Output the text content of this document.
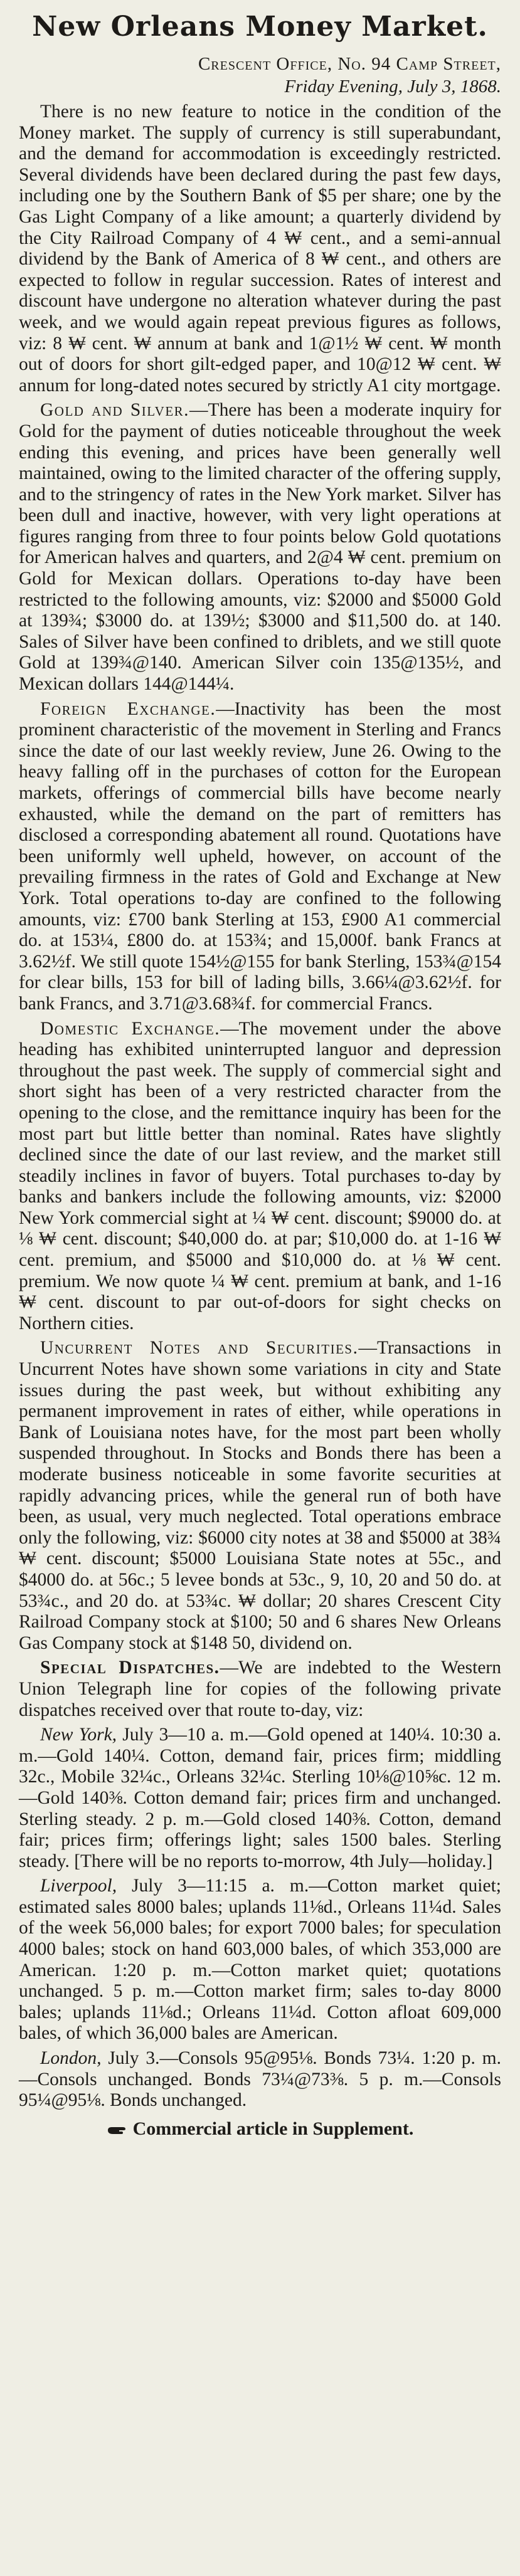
New Orleans Money Market.
Crescent Office, No. 94 Camp Street,
Friday Evening, July 3, 1868.

There is no new feature to notice in the condition of the Money market. The supply of currency is still superabundant, and the demand for accommodation is exceedingly restricted. Several dividends have been declared during the past few days, including one by the Southern Bank of $5 per share; one by the Gas Light Company of a like amount; a quarterly dividend by the City Railroad Company of 4 ₩ cent., and a semi-annual dividend by the Bank of America of 8 ₩ cent., and others are expected to follow in regular succession. Rates of interest and discount have undergone no alteration whatever during the past week, and we would again repeat previous figures as follows, viz: 8 ₩ cent. ₩ annum at bank and 1@1½ ₩ cent. ₩ month out of doors for short gilt-edged paper, and 10@12 ₩ cent. ₩ annum for long-dated notes secured by strictly A1 city mortgage.

Gold and Silver.—There has been a moderate inquiry for Gold for the payment of duties noticeable throughout the week ending this evening, and prices have been generally well maintained, owing to the limited character of the offering supply, and to the stringency of rates in the New York market. Silver has been dull and inactive, however, with very light operations at figures ranging from three to four points below Gold quotations for American halves and quarters, and 2@4 ₩ cent. premium on Gold for Mexican dollars. Operations to-day have been restricted to the following amounts, viz: $2000 and $5000 Gold at 139¾; $3000 do. at 139½; $3000 and $11,500 do. at 140. Sales of Silver have been confined to driblets, and we still quote Gold at 139¾@140. American Silver coin 135@135½, and Mexican dollars 144@144¼.

Foreign Exchange.—Inactivity has been the most prominent characteristic of the movement in Sterling and Francs since the date of our last weekly review, June 26. Owing to the heavy falling off in the purchases of cotton for the European markets, offerings of commercial bills have become nearly exhausted, while the demand on the part of remitters has disclosed a corresponding abatement all round. Quotations have been uniformly well upheld, however, on account of the prevailing firmness in the rates of Gold and Exchange at New York. Total operations to-day are confined to the following amounts, viz: £700 bank Sterling at 153, £900 A1 commercial do. at 153¼, £800 do. at 153¾; and 15,000f. bank Francs at 3.62½f. We still quote 154½@155 for bank Sterling, 153¾@154 for clear bills, 153 for bill of lading bills, 3.66¼@3.62½f. for bank Francs, and 3.71@3.68¾f. for commercial Francs.

Domestic Exchange.—The movement under the above heading has exhibited uninterrupted languor and depression throughout the past week. The supply of commercial sight and short sight has been of a very restricted character from the opening to the close, and the remittance inquiry has been for the most part but little better than nominal. Rates have slightly declined since the date of our last review, and the market still steadily inclines in favor of buyers. Total purchases to-day by banks and bankers include the following amounts, viz: $2000 New York commercial sight at ¼ ₩ cent. discount; $9000 do. at ⅛ ₩ cent. discount; $40,000 do. at par; $10,000 do. at 1-16 ₩ cent. premium, and $5000 and $10,000 do. at ⅛ ₩ cent. premium. We now quote ¼ ₩ cent. premium at bank, and 1-16 ₩ cent. discount to par out-of-doors for sight checks on Northern cities.

Uncurrent Notes and Securities.—Transactions in Uncurrent Notes have shown some variations in city and State issues during the past week, but without exhibiting any permanent improvement in rates of either, while operations in Bank of Louisiana notes have, for the most part been wholly suspended throughout. In Stocks and Bonds there has been a moderate business noticeable in some favorite securities at rapidly advancing prices, while the general run of both have been, as usual, very much neglected. Total operations embrace only the following, viz: $6000 city notes at 38 and $5000 at 38¾ ₩ cent. discount; $5000 Louisiana State notes at 55c., and $4000 do. at 56c.; 5 levee bonds at 53c., 9, 10, 20 and 50 do. at 53¾c., and 20 do. at 53¾c. ₩ dollar; 20 shares Crescent City Railroad Company stock at $100; 50 and 6 shares New Orleans Gas Company stock at $148 50, dividend on.

Special Dispatches.—We are indebted to the Western Union Telegraph line for copies of the following private dispatches received over that route to-day, viz:

New York, July 3—10 a. m.—Gold opened at 140¼. 10:30 a. m.—Gold 140¼. Cotton, demand fair, prices firm; middling 32c., Mobile 32¼c., Orleans 32¼c. Sterling 10⅛@10⅝c. 12 m.—Gold 140⅜. Cotton demand fair; prices firm and unchanged. Sterling steady. 2 p. m.—Gold closed 140⅜. Cotton, demand fair; prices firm; offerings light; sales 1500 bales. Sterling steady. [There will be no reports to-morrow, 4th July—holiday.]

Liverpool, July 3—11:15 a. m.—Cotton market quiet; estimated sales 8000 bales; uplands 11⅛d., Orleans 11¼d. Sales of the week 56,000 bales; for export 7000 bales; for speculation 4000 bales; stock on hand 603,000 bales, of which 353,000 are American. 1:20 p. m.—Cotton market quiet; quotations unchanged. 5 p. m.—Cotton market firm; sales to-day 8000 bales; uplands 11⅛d.; Orleans 11¼d. Cotton afloat 609,000 bales, of which 36,000 bales are American.

London, July 3.—Consols 95@95⅛. Bonds 73¼. 1:20 p. m.—Consols unchanged. Bonds 73¼@73⅜. 5 p. m.—Consols 95¼@95⅛. Bonds unchanged.

Commercial article in Supplement.
